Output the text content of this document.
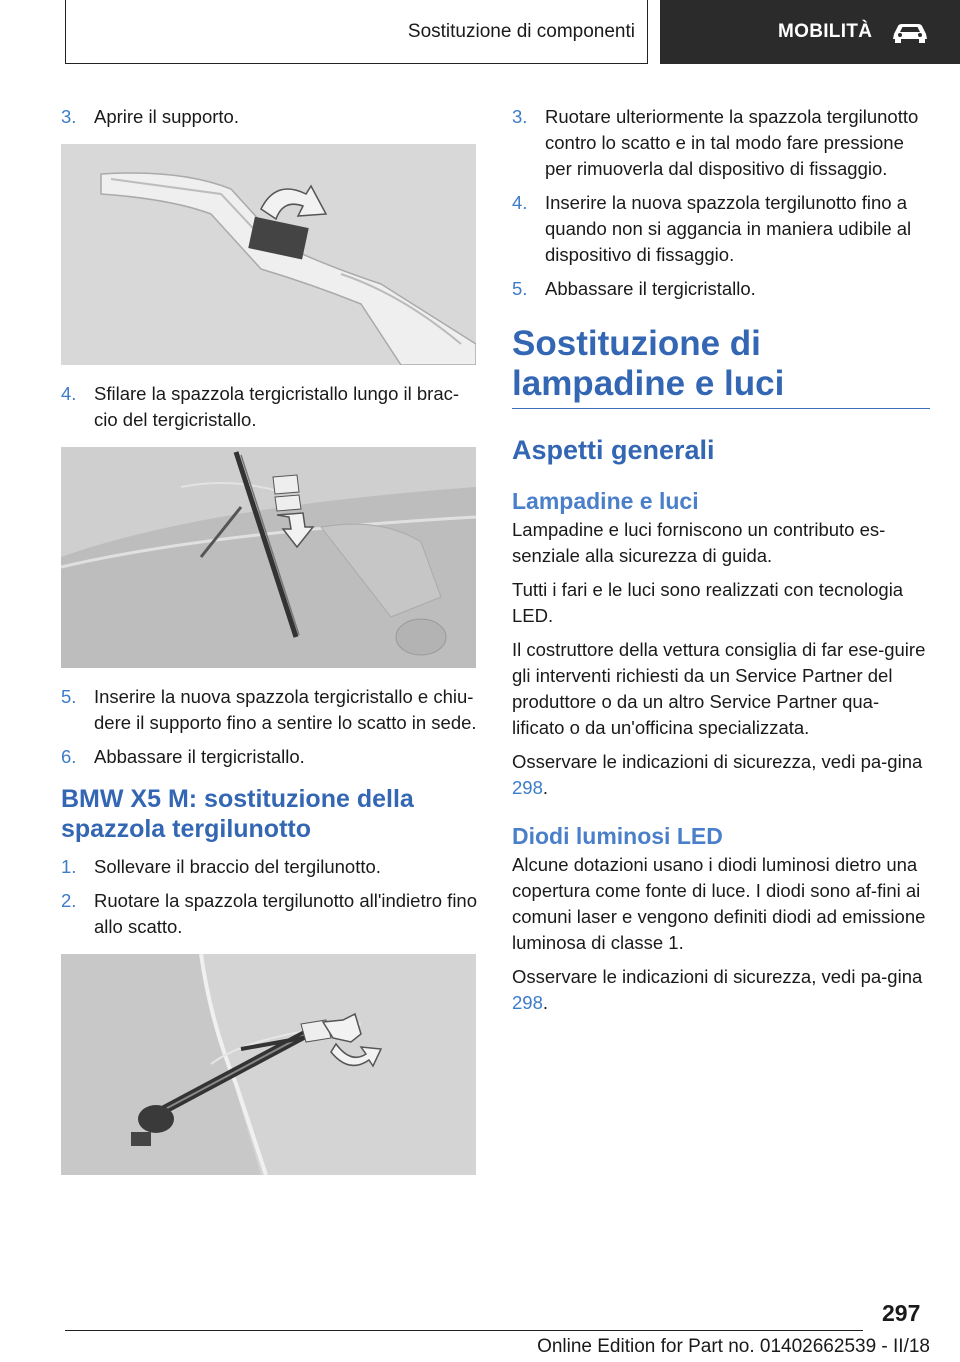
Sostituzione di componenti	MOBILITÀ
3. Aprire il supporto.
4. Sfilare la spazzola tergicristallo lungo il brac-cio del tergicristallo.
5. Inserire la nuova spazzola tergicristallo e chiu-dere il supporto fino a sentire lo scatto in sede.
6. Abbassare il tergicristallo.
BMW X5 M: sostituzione della spazzola tergilunotto
1. Sollevare il braccio del tergilunotto.
2. Ruotare la spazzola tergilunotto all'indietro fino allo scatto.
3. Ruotare ulteriormente la spazzola tergilunotto contro lo scatto e in tal modo fare pressione per rimuoverla dal dispositivo di fissaggio.
4. Inserire la nuova spazzola tergilunotto fino a quando non si aggancia in maniera udibile al dispositivo di fissaggio.
5. Abbassare il tergicristallo.
Sostituzione di lampadine e luci
Aspetti generali
Lampadine e luci

Lampadine e luci forniscono un contributo es-senziale alla sicurezza di guida.

Tutti i fari e le luci sono realizzati con tecnologia LED.

Il costruttore della vettura consiglia di far ese-guire gli interventi richiesti da un Service Partner del produttore o da un altro Service Partner qua-lificato o da un'officina specializzata.

Osservare le indicazioni di sicurezza, vedi pa-gina 298.

Diodi luminosi LED

Alcune dotazioni usano i diodi luminosi dietro una copertura come fonte di luce. I diodi sono af-fini ai comuni laser e vengono definiti diodi ad emissione luminosa di classe 1.

Osservare le indicazioni di sicurezza, vedi pa-gina 298.

297
Online Edition for Part no. 01402662539 - II/18
